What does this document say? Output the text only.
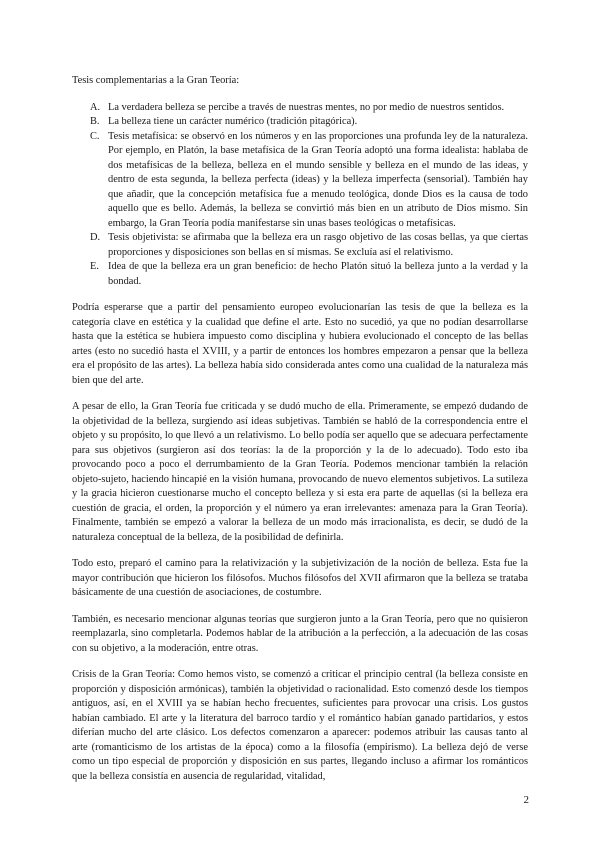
Tesis complementarias a la Gran Teoría:

A. La verdadera belleza se percibe a través de nuestras mentes, no por medio de nuestros sentidos.
B. La belleza tiene un carácter numérico (tradición pitagórica).
C. Tesis metafísica: se observó en los números y en las proporciones una profunda ley de la naturaleza. Por ejemplo, en Platón, la base metafísica de la Gran Teoría adoptó una forma idealista: hablaba de dos metafísicas de la belleza, belleza en el mundo sensible y belleza en el mundo de las ideas, y dentro de esta segunda, la belleza perfecta (ideas) y la belleza imperfecta (sensorial). También hay que añadir, que la concepción metafísica fue a menudo teológica, donde Dios es la causa de todo aquello que es bello. Además, la belleza se convirtió más bien en un atributo de Dios mismo. Sin embargo, la Gran Teoría podía manifestarse sin unas bases teológicas o metafísicas.
D. Tesis objetivista: se afirmaba que la belleza era un rasgo objetivo de las cosas bellas, ya que ciertas proporciones y disposiciones son bellas en sí mismas. Se excluía así el relativismo.
E. Idea de que la belleza era un gran beneficio: de hecho Platón situó la belleza junto a la verdad y la bondad.

Podría esperarse que a partir del pensamiento europeo evolucionarían las tesis de que la belleza es la categoría clave en estética y la cualidad que define el arte. Esto no sucedió, ya que no podían desarrollarse hasta que la estética se hubiera impuesto como disciplina y hubiera evolucionado el concepto de las bellas artes (esto no sucedió hasta el XVIII, y a partir de entonces los hombres empezaron a pensar que la belleza era el propósito de las artes). La belleza había sido considerada antes como una cualidad de la naturaleza más bien que del arte.

A pesar de ello, la Gran Teoría fue criticada y se dudó mucho de ella. Primeramente, se empezó dudando de la objetividad de la belleza, surgiendo así ideas subjetivas. También se habló de la correspondencia entre el objeto y su propósito, lo que llevó a un relativismo. Lo bello podía ser aquello que se adecuara perfectamente para sus objetivos (surgieron así dos teorías: la de la proporción y la de lo adecuado). Todo esto iba provocando poco a poco el derrumbamiento de la Gran Teoría. Podemos mencionar también la relación objeto-sujeto, haciendo hincapié en la visión humana, provocando de nuevo elementos subjetivos. La sutileza y la gracia hicieron cuestionarse mucho el concepto belleza y si esta era parte de aquellas (si la belleza era cuestión de gracia, el orden, la proporción y el número ya eran irrelevantes: amenaza para la Gran Teoría). Finalmente, también se empezó a valorar la belleza de un modo más irracionalista, es decir, se dudó de la naturaleza conceptual de la belleza, de la posibilidad de definirla.

Todo esto, preparó el camino para la relativización y la subjetivización de la noción de belleza. Esta fue la mayor contribución que hicieron los filósofos. Muchos filósofos del XVII afirmaron que la belleza se trataba básicamente de una cuestión de asociaciones, de costumbre.

También, es necesario mencionar algunas teorías que surgieron junto a la Gran Teoría, pero que no quisieron reemplazarla, sino completarla. Podemos hablar de la atribución a la perfección, a la adecuación de las cosas con su objetivo, a la moderación, entre otras.

Crisis de la Gran Teoría: Como hemos visto, se comenzó a criticar el principio central (la belleza consiste en proporción y disposición armónicas), también la objetividad o racionalidad. Esto comenzó desde los tiempos antiguos, así, en el XVIII ya se habían hecho frecuentes, suficientes para provocar una crisis. Los gustos habían cambiado. El arte y la literatura del barroco tardío y el romántico habían ganado partidarios, y estos diferían mucho del arte clásico. Los defectos comenzaron a aparecer: podemos atribuir las causas tanto al arte (romanticismo de los artistas de la época) como a la filosofía (empirismo). La belleza dejó de verse como un tipo especial de proporción y disposición en sus partes, llegando incluso a afirmar los románticos que la belleza consistía en ausencia de regularidad, vitalidad,

2
